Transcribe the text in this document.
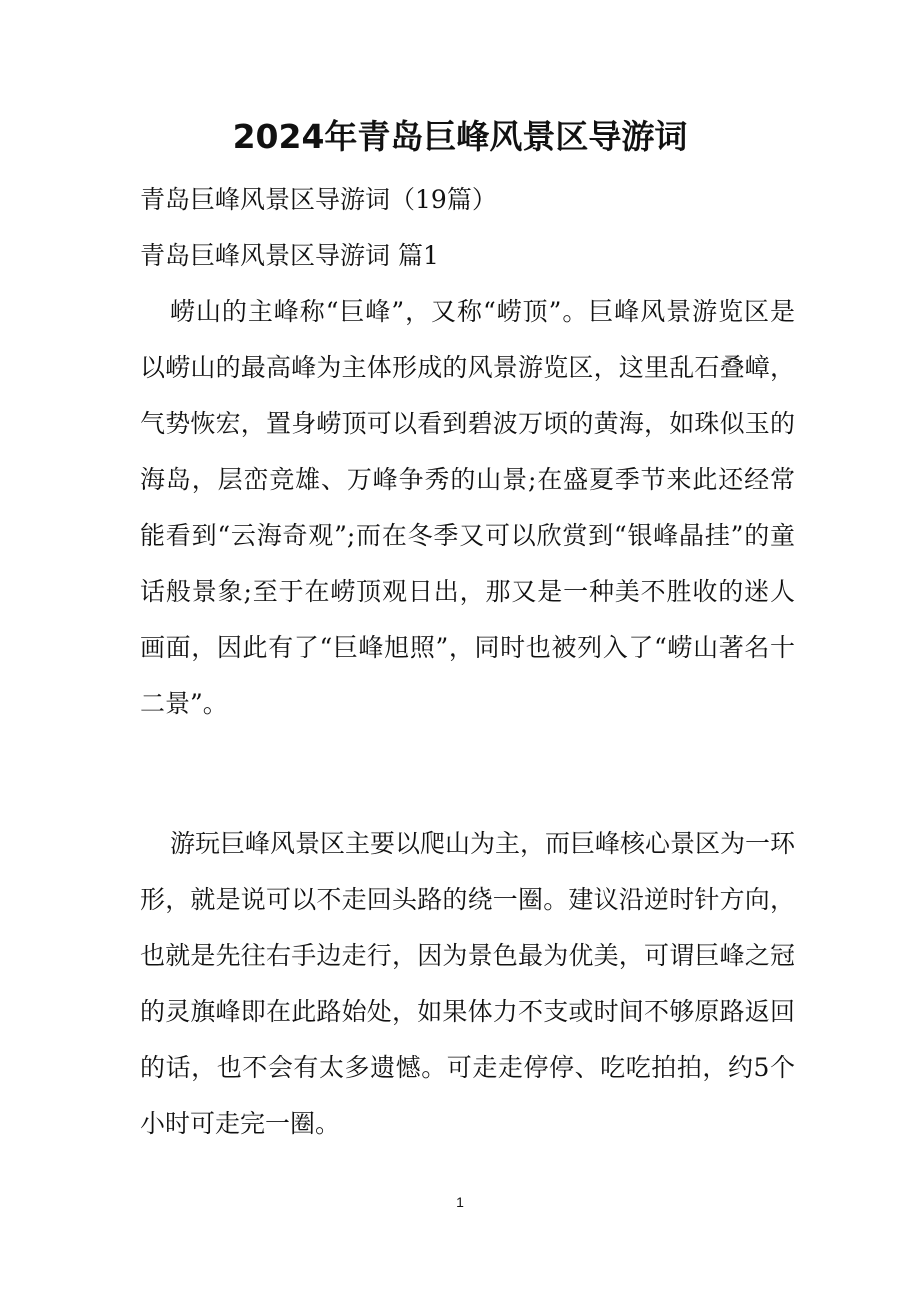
2024年青岛巨峰风景区导游词
青岛巨峰风景区导游词（19篇）
青岛巨峰风景区导游词 篇1

崂山的主峰称“巨峰”，又称“崂顶”。巨峰风景游览区是以崂山的最高峰为主体形成的风景游览区，这里乱石叠嶂，气势恢宏，置身崂顶可以看到碧波万顷的黄海，如珠似玉的海岛，层峦竞雄、万峰争秀的山景;在盛夏季节来此还经常能看到“云海奇观”;而在冬季又可以欣赏到“银峰晶挂”的童话般景象;至于在崂顶观日出，那又是一种美不胜收的迷人画面，因此有了“巨峰旭照”，同时也被列入了“崂山著名十二景”。

游玩巨峰风景区主要以爬山为主，而巨峰核心景区为一环形，就是说可以不走回头路的绕一圈。建议沿逆时针方向，也就是先往右手边走行，因为景色最为优美，可谓巨峰之冠的灵旗峰即在此路始处，如果体力不支或时间不够原路返回的话，也不会有太多遗憾。可走走停停、吃吃拍拍，约5个小时可走完一圈。

1
